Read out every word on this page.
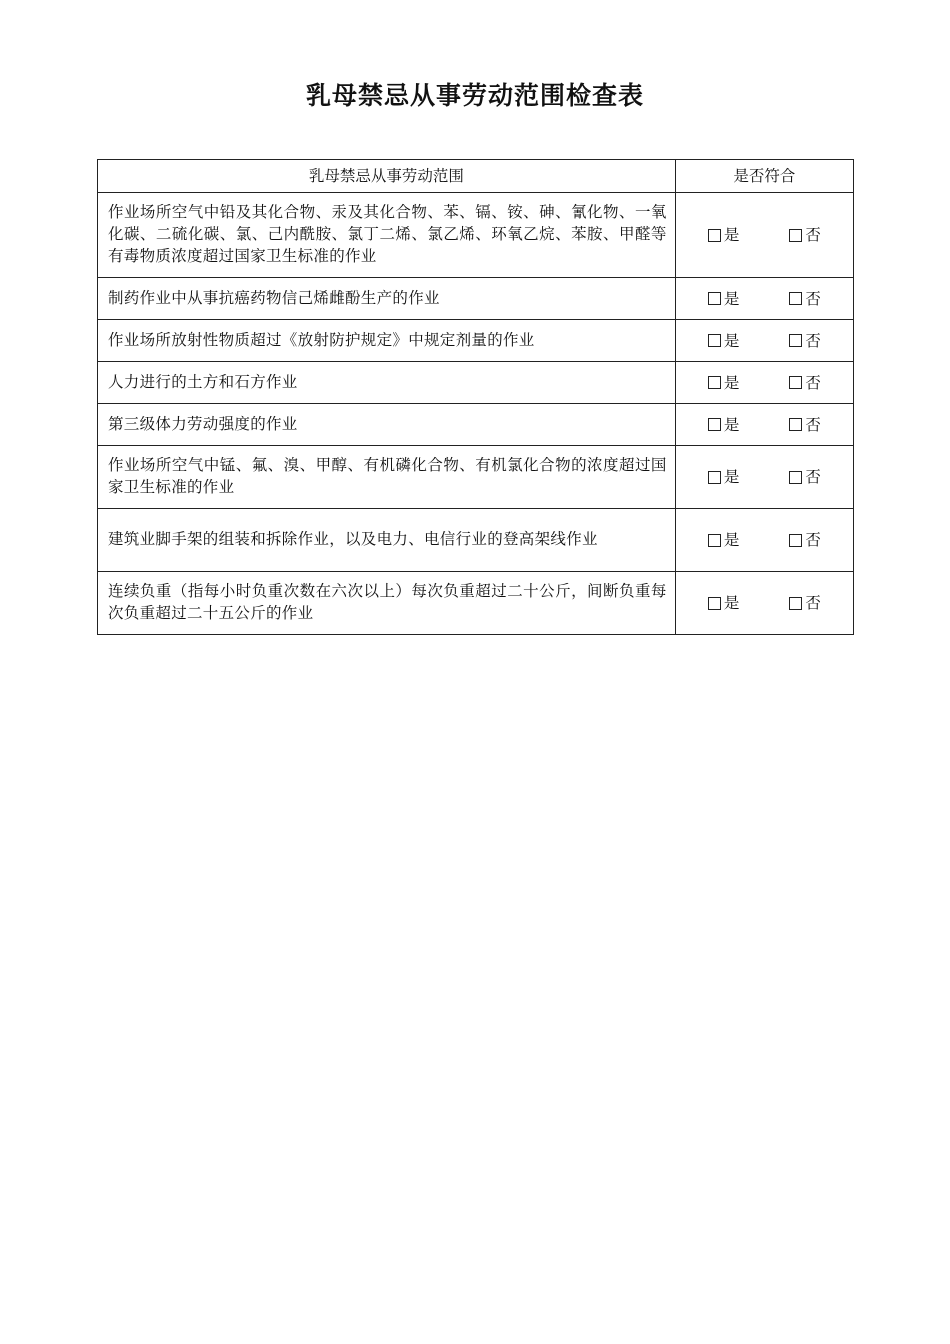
乳母禁忌从事劳动范围检查表
乳母禁忌从事劳动范围	是否符合
作业场所空气中铅及其化合物、汞及其化合物、苯、镉、铵、砷、氰化物、一氧化碳、二硫化碳、氯、己内酰胺、氯丁二烯、氯乙烯、环氧乙烷、苯胺、甲醛等有毒物质浓度超过国家卫生标准的作业	是 否

制药作业中从事抗癌药物信己烯雌酚生产的作业	是 否

作业场所放射性物质超过《放射防护规定》中规定剂量的作业	是 否

人力进行的土方和石方作业	是 否

第三级体力劳动强度的作业	是 否

作业场所空气中锰、氟、溴、甲醇、有机磷化合物、有机氯化合物的浓度超过国家卫生标准的作业	是 否

建筑业脚手架的组装和拆除作业，以及电力、电信行业的登高架线作业	是 否

连续负重（指每小时负重次数在六次以上）每次负重超过二十公斤，间断负重每次负重超过二十五公斤的作业	是 否
